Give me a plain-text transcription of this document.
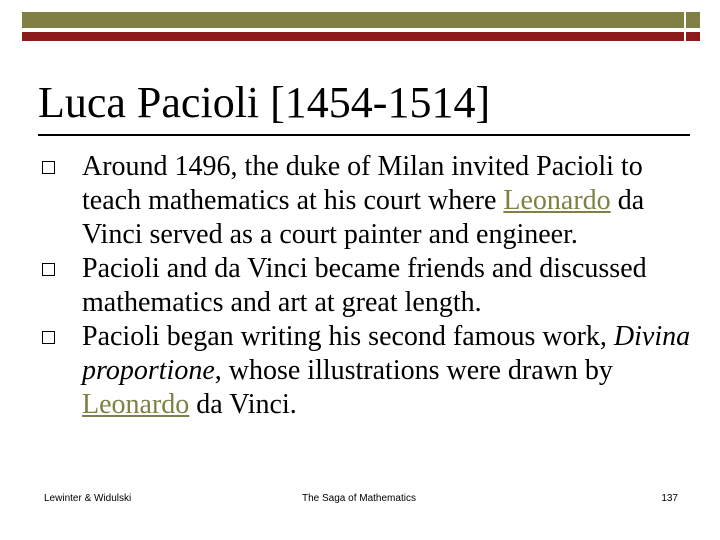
Luca Pacioli [1454-1514]
Around 1496, the duke of Milan invited Pacioli to teach mathematics at his court where Leonardo da Vinci served as a court painter and engineer.
Pacioli and da Vinci became friends and discussed mathematics and art at great length.
Pacioli began writing his second famous work, Divina proportione, whose illustrations were drawn by Leonardo da Vinci.
Lewinter & Widulski	The Saga of Mathematics	137
